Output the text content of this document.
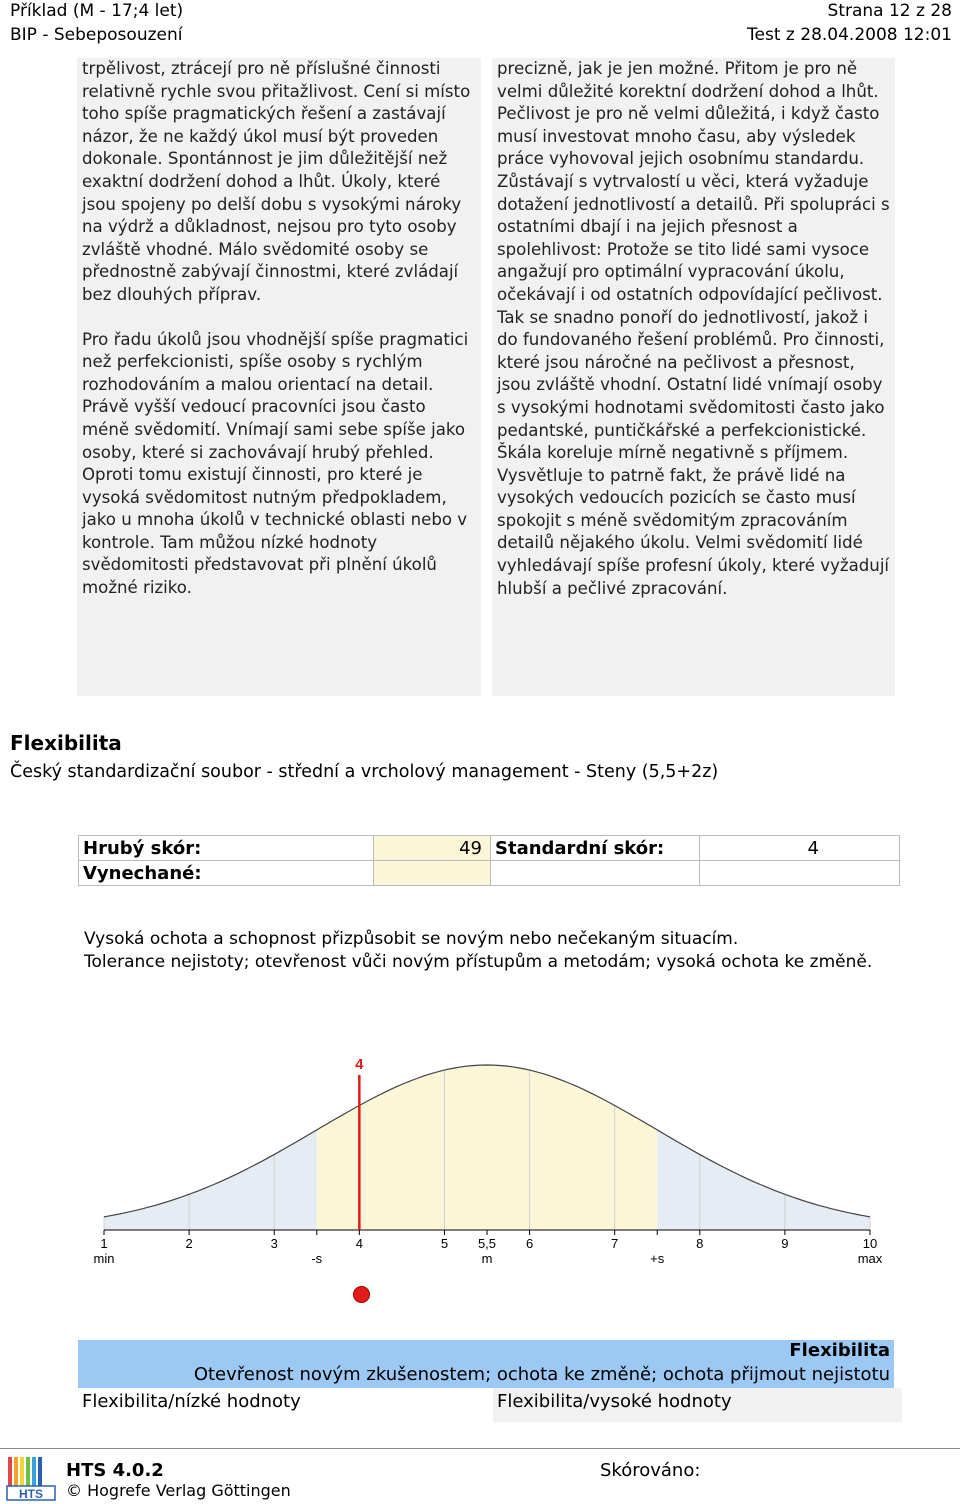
Příklad (M - 17;4 let)
BIP - Sebeposouzení
Strana 12 z 28
Test z 28.04.2008 12:01

trpělivost, ztrácejí pro ně příslušné činnosti relativně rychle svou přitažlivost. Cení si místo toho spíše pragmatických řešení a zastávají názor, že ne každý úkol musí být proveden dokonale. Spontánnost je jim důležitější než exaktní dodržení dohod a lhůt. Úkoly, které jsou spojeny po delší dobu s vysokými nároky na výdrž a důkladnost, nejsou pro tyto osoby zvláště vhodné. Málo svědomité osoby se přednostně zabývají činnostmi, které zvládají bez dlouhých příprav.

Pro řadu úkolů jsou vhodnější spíše pragmatici než perfekcionisti, spíše osoby s rychlým rozhodováním a malou orientací na detail. Právě vyšší vedoucí pracovníci jsou často méně svědomití. Vnímají sami sebe spíše jako osoby, které si zachovávají hrubý přehled. Oproti tomu existují činnosti, pro které je vysoká svědomitost nutným předpokladem, jako u mnoha úkolů v technické oblasti nebo v kontrole. Tam můžou nízké hodnoty svědomitosti představovat při plnění úkolů možné riziko.

precizně, jak je jen možné. Přitom je pro ně velmi důležité korektní dodržení dohod a lhůt. Pečlivost je pro ně velmi důležitá, i když často musí investovat mnoho času, aby výsledek práce vyhovoval jejich osobnímu standardu. Zůstávají s vytrvalostí u věci, která vyžaduje dotažení jednotlivostí a detailů. Při spolupráci s ostatními dbají i na jejich přesnost a spolehlivost: Protože se tito lidé sami vysoce angažují pro optimální vypracování úkolu, očekávají i od ostatních odpovídající pečlivost. Tak se snadno ponoří do jednotlivostí, jakož i do fundovaného řešení problémů. Pro činnosti, které jsou náročné na pečlivost a přesnost, jsou zvláště vhodní. Ostatní lidé vnímají osoby s vysokými hodnotami svědomitosti často jako pedantské, puntičkářské a perfekcionistické. Škála koreluje mírně negativně s příjmem. Vysvětluje to patrně fakt, že právě lidé na vysokých vedoucích pozicích se často musí spokojit s méně svědomitým zpracováním detailů nějakého úkolu. Velmi svědomití lidé vyhledávají spíše profesní úkoly, které vyžadují hlubší a pečlivé zpracování.

Flexibilita
Český standardizační soubor - střední a vrcholový management - Steny (5,5+2z)
Hrubý skór:	49	Standardní skór:	4
Vynechané:			
Vysoká ochota a schopnost přizpůsobit se novým nebo nečekaným situacím.
Tolerance nejistoty; otevřenost vůči novým přístupům a metodám; vysoká ochota ke změně.
1
min
2	3
-s
4	5 5,5
m
6	7
+s
8	9	10
max
4
Flexibilita
Otevřenost novým zkušenostem; ochota ke změně; ochota přijmout nejistotu
Flexibilita/nízké hodnoty	Flexibilita/vysoké hodnoty
HTS
HTS 4.0.2
© Hogrefe Verlag Göttingen
Skórováno:
